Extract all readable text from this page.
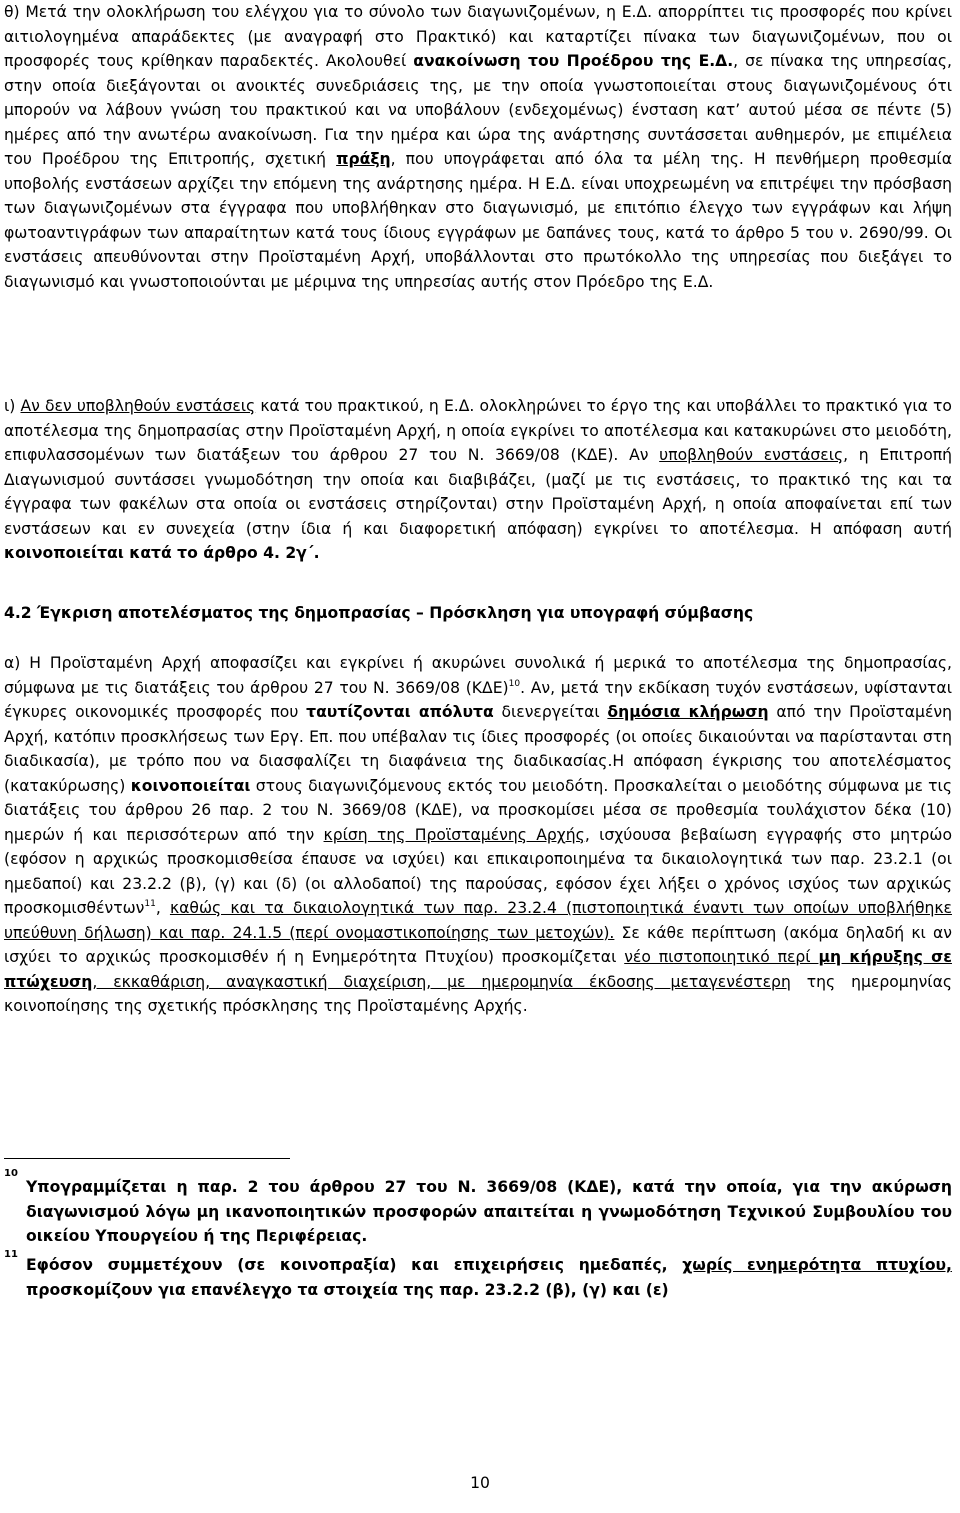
θ) Μετά την ολοκλήρωση του ελέγχου για το σύνολο των διαγωνιζομένων, η Ε.Δ. απορρίπτει τις προσφορές που κρίνει αιτιολογημένα απαράδεκτες (με αναγραφή στο Πρακτικό) και καταρτίζει πίνακα των διαγωνιζομένων, που οι προσφορές τους κρίθηκαν παραδεκτές. Ακολουθεί ανακοίνωση του Προέδρου της Ε.Δ., σε πίνακα της υπηρεσίας, στην οποία διεξάγονται οι ανοικτές συνεδριάσεις της, με την οποία γνωστοποιείται στους διαγωνιζομένους ότι μπορούν να λάβουν γνώση του πρακτικού και να υποβάλουν (ενδεχομένως) ένσταση κατ’ αυτού μέσα σε πέντε (5) ημέρες από την ανωτέρω ανακοίνωση. Για την ημέρα και ώρα της ανάρτησης συντάσσεται αυθημερόν, με επιμέλεια του Προέδρου της Επιτροπής, σχετική πράξη, που υπογράφεται από όλα τα μέλη της. Η πενθήμερη προθεσμία υποβολής ενστάσεων αρχίζει την επόμενη της ανάρτησης ημέρα. Η Ε.Δ. είναι υποχρεωμένη να επιτρέψει την πρόσβαση των διαγωνιζομένων στα έγγραφα που υποβλήθηκαν στο διαγωνισμό, με επιτόπιο έλεγχο των εγγράφων και λήψη φωτοαντιγράφων των απαραίτητων κατά τους ίδιους εγγράφων με δαπάνες τους, κατά το άρθρο 5 του ν. 2690/99. Οι ενστάσεις απευθύνονται στην Προϊσταμένη Αρχή, υποβάλλονται στο πρωτόκολλο της υπηρεσίας που διεξάγει το διαγωνισμό και γνωστοποιούνται με μέριμνα της υπηρεσίας αυτής στον Πρόεδρο της Ε.Δ.

ι) Αν δεν υποβληθούν ενστάσεις κατά του πρακτικού, η Ε.Δ. ολοκληρώνει το έργο της και υποβάλλει το πρακτικό για το αποτέλεσμα της δημοπρασίας στην Προϊσταμένη Αρχή, η οποία εγκρίνει το αποτέλεσμα και κατακυρώνει στο μειοδότη, επιφυλασσομένων των διατάξεων του άρθρου 27 του Ν. 3669/08 (ΚΔΕ). Αν υποβληθούν ενστάσεις, η Επιτροπή Διαγωνισμού συντάσσει γνωμοδότηση την οποία και διαβιβάζει, (μαζί με τις ενστάσεις, το πρακτικό της και τα έγγραφα των φακέλων στα οποία οι ενστάσεις στηρίζονται) στην Προϊσταμένη Αρχή, η οποία αποφαίνεται επί των ενστάσεων και εν συνεχεία (στην ίδια ή και διαφορετική απόφαση) εγκρίνει το αποτέλεσμα. Η απόφαση αυτή κοινοποιείται κατά το άρθρο 4. 2γ΄.

4.2 Έγκριση αποτελέσματος της δημοπρασίας – Πρόσκληση για υπογραφή σύμβασης

α) Η Προϊσταμένη Αρχή αποφασίζει και εγκρίνει ή ακυρώνει συνολικά ή μερικά το αποτέλεσμα της δημοπρασίας, σύμφωνα με τις διατάξεις του άρθρου 27 του Ν. 3669/08 $(K\Delta E)^{10}$. Αν, μετά την εκδίκαση τυχόν ενστάσεων, υφίστανται έγκυρες οικονομικές προσφορές που ταυτίζονται απόλυτα διενεργείται δημόσια κλήρωση από την Προϊσταμένη Αρχή, κατόπιν προσκλήσεως των Εργ. Επ. που υπέβαλαν τις ίδιες προσφορές (οι οποίες δικαιούνται να παρίστανται στη διαδικασία), με τρόπο που να διασφαλίζει τη διαφάνεια της διαδικασίας.Η απόφαση έγκρισης του αποτελέσματος (κατακύρωσης) κοινοποιείται στους διαγωνιζόμενους εκτός του μειοδότη. Προσκαλείται ο μειοδότης σύμφωνα με τις διατάξεις του άρθρου 26 παρ. 2 του Ν. 3669/08 (ΚΔΕ), να προσκομίσει μέσα σε προθεσμία τουλάχιστον δέκα (10) ημερών ή και περισσότερων από την κρίση της Προϊσταμένης Αρχής, ισχύουσα βεβαίωση εγγραφής στο μητρώο (εφόσον η αρχικώς προσκομισθείσα έπαυσε να ισχύει) και επικαιροποιημένα τα δικαιολογητικά των παρ. 23.2.1 (οι ημεδαποί) και 23.2.2 (β), (γ) και (δ) (οι αλλοδαποί) της παρούσας, εφόσον έχει λήξει ο χρόνος ισχύος των αρχικώς προσκομισθέντων$^{11}$, καθώς και τα δικαιολογητικά των παρ. 23.2.4 (πιστοποιητικά έναντι των οποίων υποβλήθηκε υπεύθυνη δήλωση) και παρ. 24.1.5 (περί ονομαστικοποίησης των μετοχών). Σε κάθε περίπτωση (ακόμα δηλαδή κι αν ισχύει το αρχικώς προσκομισθέν ή η Ενημερότητα Πτυχίου) προσκομίζεται νέο πιστοποιητικό περί μη κήρυξης σε πτώχευση, εκκαθάριση, αναγκαστική διαχείριση, με ημερομηνία έκδοσης μεταγενέστερη της ημερομηνίας κοινοποίησης της σχετικής πρόσκλησης της Προϊσταμένης Αρχής.

10

Υπογραμμίζεται η παρ. 2 του άρθρου 27 του Ν. 3669/08 (ΚΔΕ), κατά την οποία, για την ακύρωση διαγωνισμού λόγω μη ικανοποιητικών προσφορών απαιτείται η γνωμοδότηση Τεχνικού Συμβουλίου του οικείου Υπουργείου ή της Περιφέρειας.

11

Εφόσον συμμετέχουν (σε κοινοπραξία) και επιχειρήσεις ημεδαπές, χωρίς ενημερότητα πτυχίου, προσκομίζουν για επανέλεγχο τα στοιχεία της παρ. 23.2.2 (β), (γ) και (ε)

10
